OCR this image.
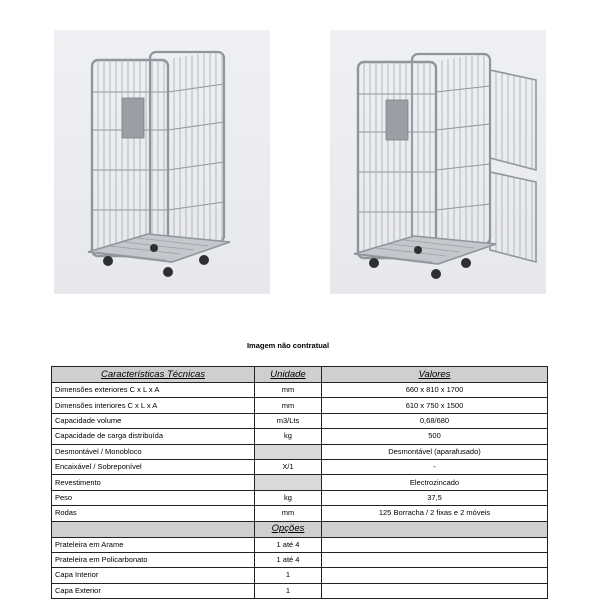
Imagem não contratual
Características Técnicas	Unidade	Valores
Dimensões exteriores C x L x A	mm	660 x 810 x 1700
Dimensões interiores C x L x A	mm	610 x 750 x 1500
Capacidade volume	m3/Lts	0,68/680
Capacidade de carga distribuída	kg	500
Desmontável / Monobloco		Desmontável (aparafusado)
Encaixável / Sobreponível	X/1	-
Revestimento		Electrozincado
Peso	kg	37,5
Rodas	mm	125 Borracha / 2 fixas e 2 móveis
	Opções	
Prateleira em Arame	1 até 4	
Prateleira em Policarbonato	1 até 4	
Capa Interior	1	
Capa Exterior	1	
